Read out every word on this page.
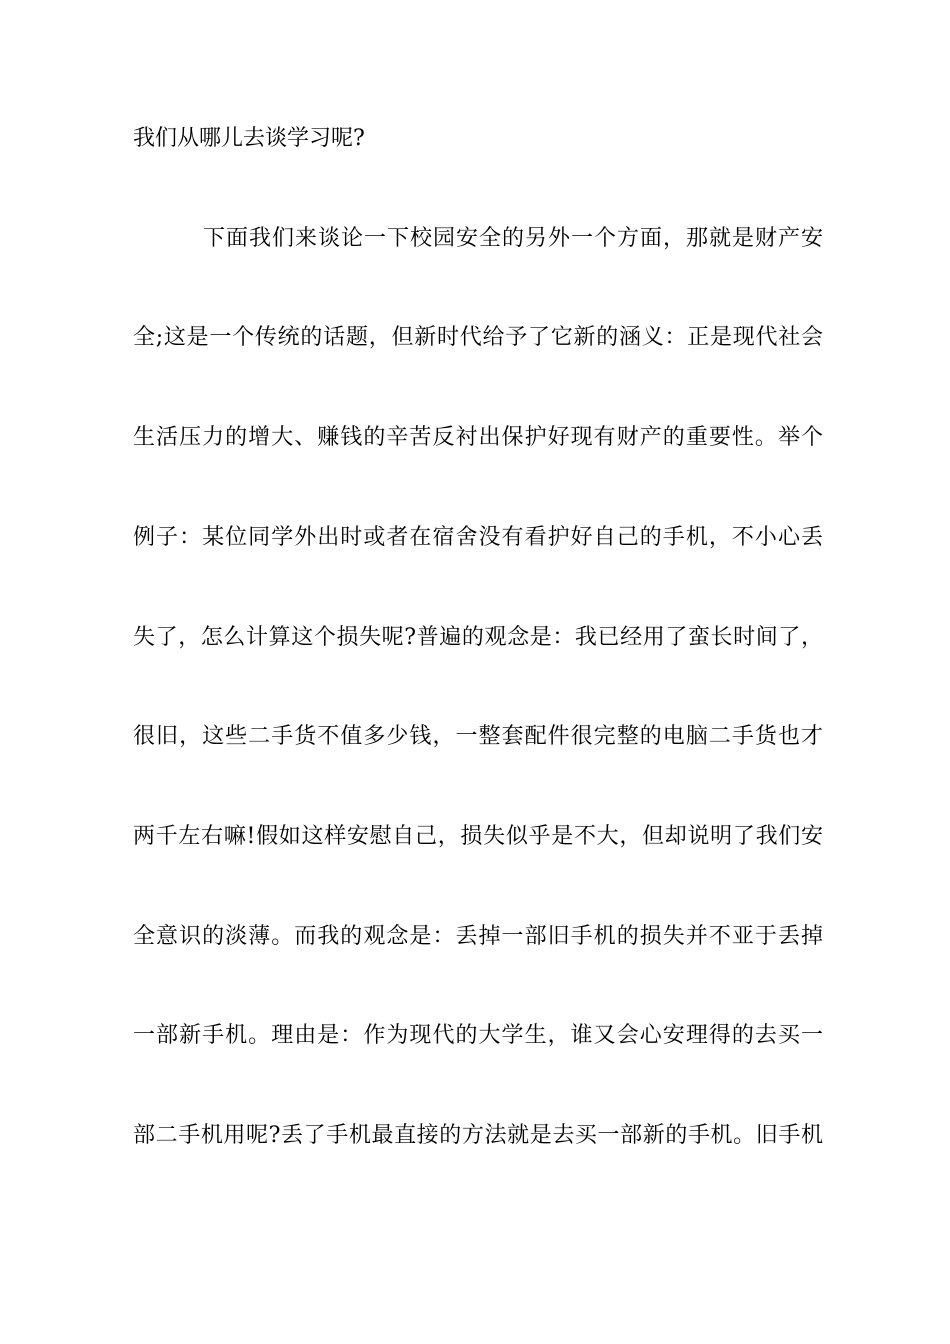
我们从哪儿去谈学习呢?
下面我们来谈论一下校园安全的另外一个方面，那就是财产安
全;这是一个传统的话题，但新时代给予了它新的涵义：正是现代社会
生活压力的增大、赚钱的辛苦反衬出保护好现有财产的重要性。举个
例子：某位同学外出时或者在宿舍没有看护好自己的手机，不小心丢
失了，怎么计算这个损失呢?普遍的观念是：我已经用了蛮长时间了，
很旧，这些二手货不值多少钱，一整套配件很完整的电脑二手货也才
两千左右嘛!假如这样安慰自己，损失似乎是不大，但却说明了我们安
全意识的淡薄。而我的观念是：丢掉一部旧手机的损失并不亚于丢掉
一部新手机。理由是：作为现代的大学生，谁又会心安理得的去买一
部二手机用呢?丢了手机最直接的方法就是去买一部新的手机。旧手机
